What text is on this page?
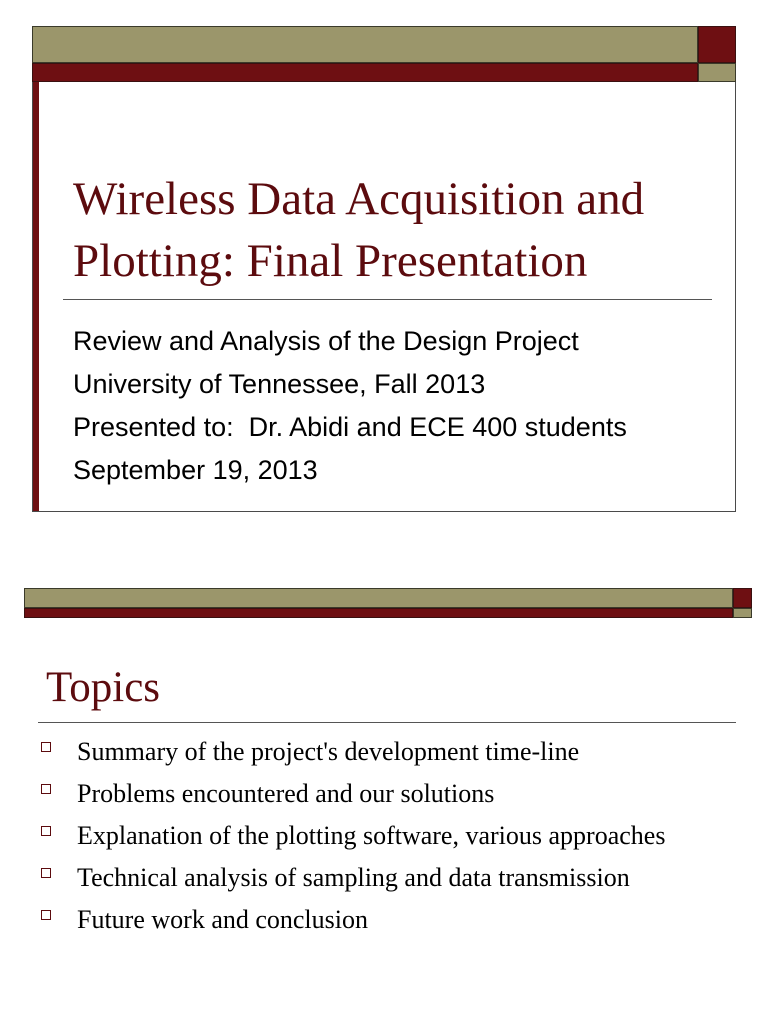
Wireless Data Acquisition and
Plotting: Final Presentation
Review and Analysis of the Design Project
University of Tennessee, Fall 2013
Presented to:  Dr. Abidi and ECE 400 students
September 19, 2013
Topics
Summary of the project's development time-line
Problems encountered and our solutions
Explanation of the plotting software, various approaches
Technical analysis of sampling and data transmission
Future work and conclusion
